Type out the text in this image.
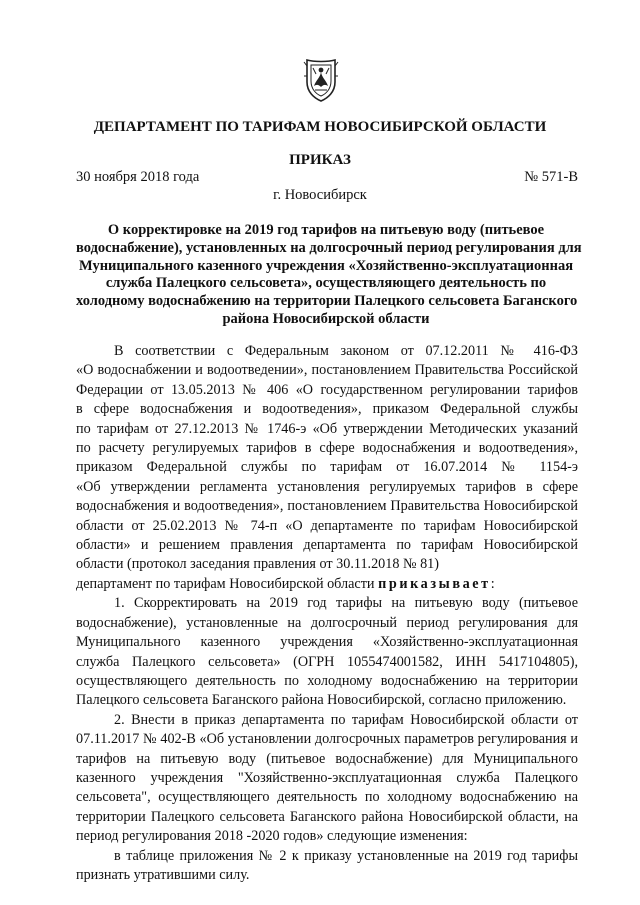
ДЕПАРТАМЕНТ ПО ТАРИФАМ НОВОСИБИРСКОЙ ОБЛАСТИ
ПРИКАЗ
30 ноября 2018 года	№ 571-В
г. Новосибирск
О корректировке на 2019 год тарифов на питьевую воду (питьевое
водоснабжение), установленных на долгосрочный период регулирования для
Муниципального казенного учреждения «Хозяйственно-эксплуатационная
служба Палецкого сельсовета», осуществляющего деятельность по
холодному водоснабжению на территории Палецкого сельсовета Баганского
района Новосибирской области
В соответствии с Федеральным законом от 07.12.2011 № 416-ФЗ
«О водоснабжении и водоотведении», постановлением Правительства Российской
Федерации от 13.05.2013 № 406 «О государственном регулировании тарифов
в сфере водоснабжения и водоотведения», приказом Федеральной службы
по тарифам от 27.12.2013 № 1746-э «Об утверждении Методических указаний
по расчету регулируемых тарифов в сфере водоснабжения и водоотведения»,
приказом Федеральной службы по тарифам от 16.07.2014 № 1154-э
«Об утверждении регламента установления регулируемых тарифов в сфере
водоснабжения и водоотведения», постановлением Правительства Новосибирской
области от 25.02.2013 № 74-п «О департаменте по тарифам Новосибирской
области» и решением правления департамента по тарифам Новосибирской
области (протокол заседания правления от 30.11.2018 № 81)
департамент по тарифам Новосибирской области приказывает:
1. Скорректировать на 2019 год тарифы на питьевую воду (питьевое
водоснабжение), установленные на долгосрочный период регулирования для
Муниципального казенного учреждения «Хозяйственно-эксплуатационная
служба Палецкого сельсовета» (ОГРН 1055474001582, ИНН 5417104805),
осуществляющего деятельность по холодному водоснабжению на территории
Палецкого сельсовета Баганского района Новосибирской, согласно приложению.
2. Внести в приказ департамента по тарифам Новосибирской области от
07.11.2017 № 402-В «Об установлении долгосрочных параметров регулирования и
тарифов на питьевую воду (питьевое водоснабжение) для Муниципального
казенного учреждения "Хозяйственно-эксплуатационная служба Палецкого
сельсовета", осуществляющего деятельность по холодному водоснабжению на
территории Палецкого сельсовета Баганского района Новосибирской области, на
период регулирования 2018 -2020 годов» следующие изменения:
в таблице приложения № 2 к приказу установленные на 2019 год тарифы
признать утратившими силу.
